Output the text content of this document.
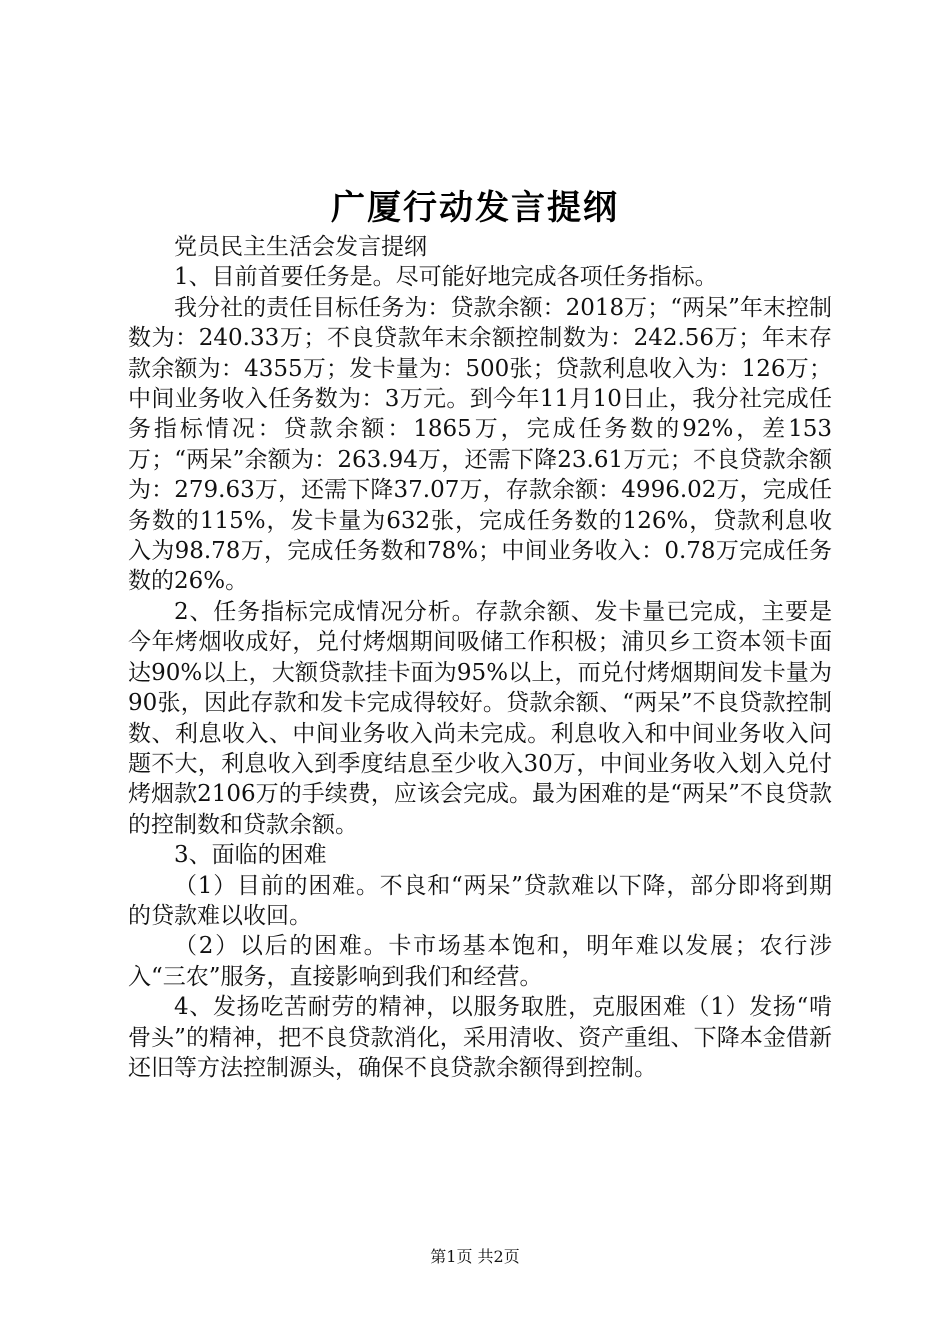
广厦行动发言提纲

党员民主生活会发言提纲

1、目前首要任务是。尽可能好地完成各项任务指标。

我分社的责任目标任务为：贷款余额：2018万；“两呆”年末控制数为：240.33万；不良贷款年末余额控制数为：242.56万；年末存款余额为：4355万；发卡量为：500张；贷款利息收入为：126万；中间业务收入任务数为：3万元。到今年11月10日止，我分社完成任务指标情况：贷款余额：1865万，完成任务数的92%，差153万；“两呆”余额为：263.94万，还需下降23.61万元；不良贷款余额为：279.63万，还需下降37.07万，存款余额：4996.02万，完成任务数的115%，发卡量为632张，完成任务数的126%，贷款利息收入为98.78万，完成任务数和78%；中间业务收入：0.78万完成任务数的26%。

2、任务指标完成情况分析。存款余额、发卡量已完成，主要是今年烤烟收成好，兑付烤烟期间吸储工作积极；浦贝乡工资本领卡面达90%以上，大额贷款挂卡面为95%以上，而兑付烤烟期间发卡量为90张，因此存款和发卡完成得较好。贷款余额、“两呆”不良贷款控制数、利息收入、中间业务收入尚未完成。利息收入和中间业务收入问题不大，利息收入到季度结息至少收入30万，中间业务收入划入兑付烤烟款2106万的手续费，应该会完成。最为困难的是“两呆”不良贷款的控制数和贷款余额。

3、面临的困难

（1）目前的困难。不良和“两呆”贷款难以下降，部分即将到期的贷款难以收回。

（2）以后的困难。卡市场基本饱和，明年难以发展；农行涉入“三农”服务，直接影响到我们和经营。

4、发扬吃苦耐劳的精神，以服务取胜，克服困难（1）发扬“啃骨头”的精神，把不良贷款消化，采用清收、资产重组、下降本金借新还旧等方法控制源头，确保不良贷款余额得到控制。

第1页 共2页
